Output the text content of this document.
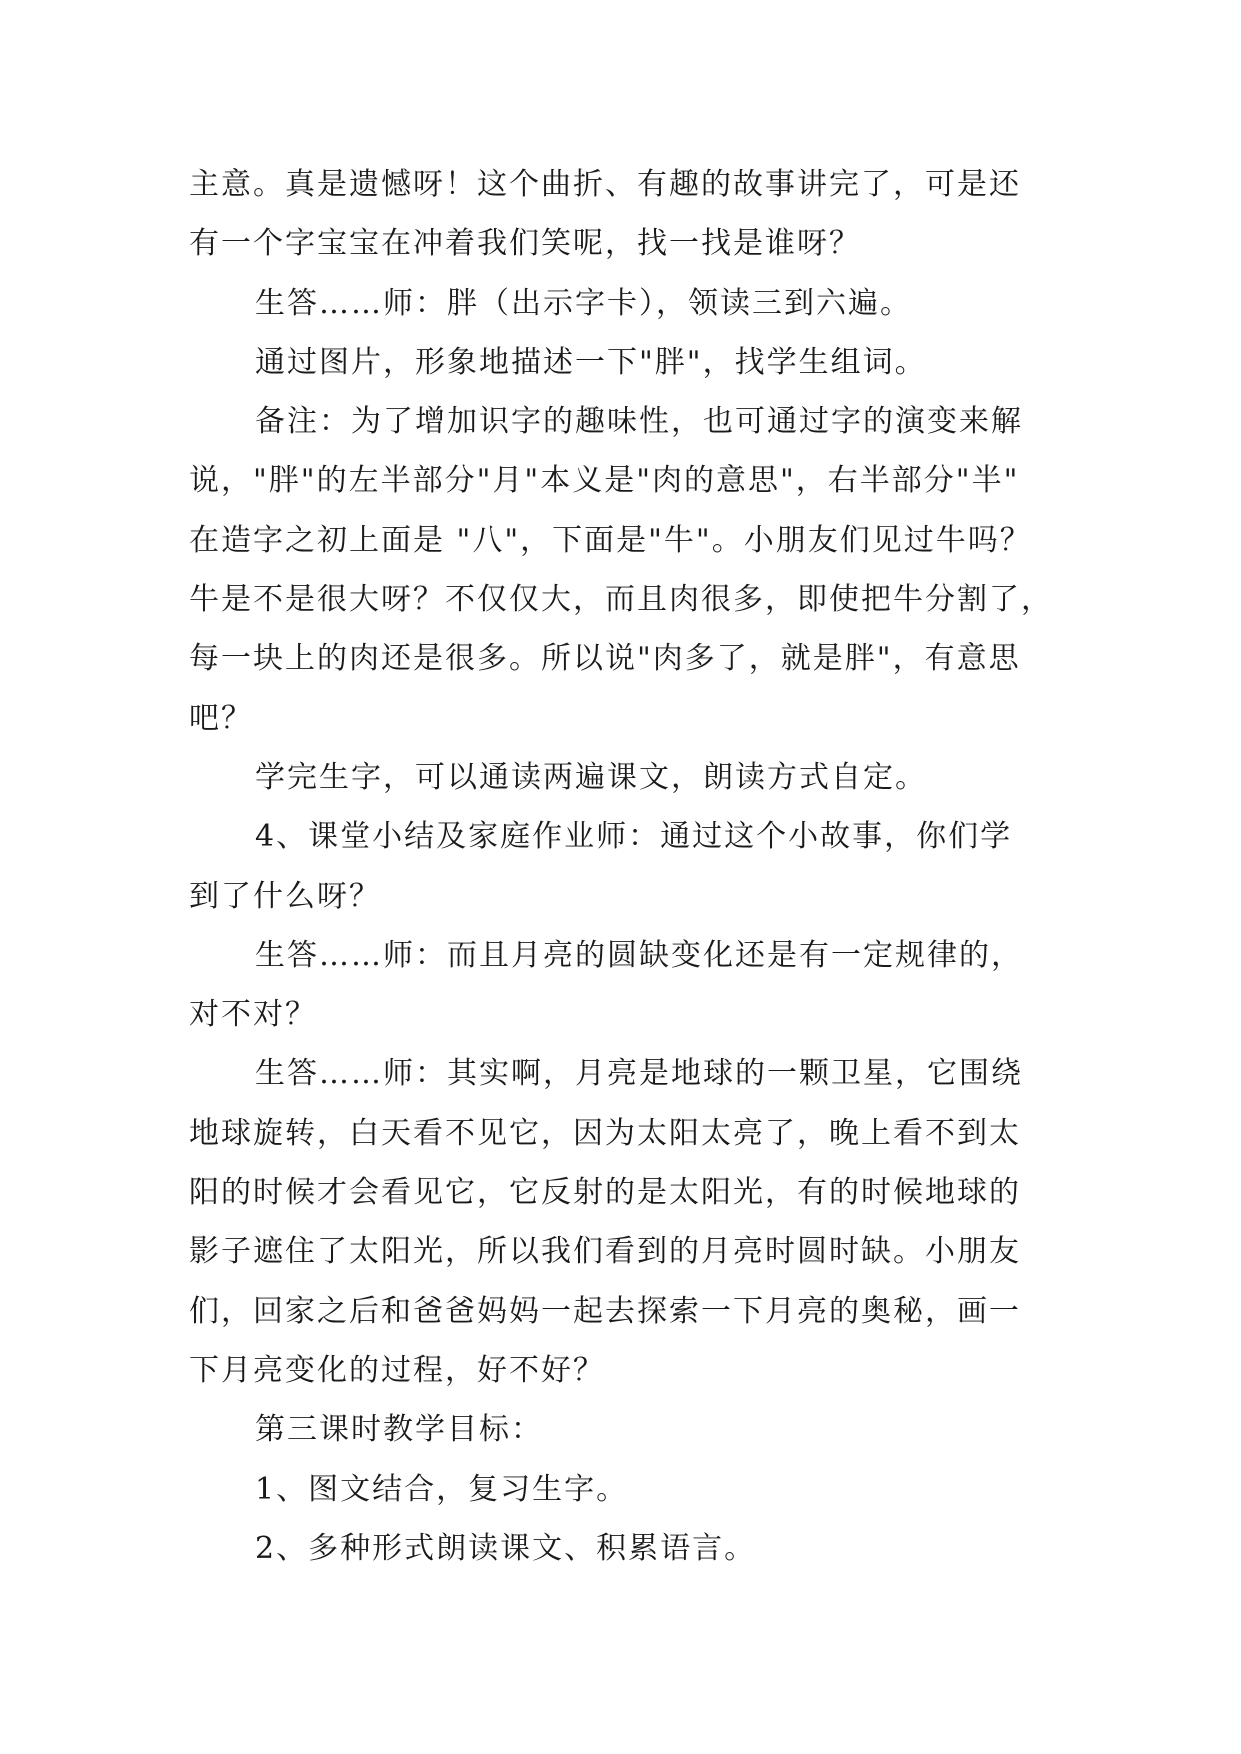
主意。真是遗憾呀！这个曲折、有趣的故事讲完了，可是还
有一个字宝宝在冲着我们笑呢，找一找是谁呀？
生答……师：胖（出示字卡），领读三到六遍。
通过图片，形象地描述一下"胖"，找学生组词。
备注：为了增加识字的趣味性，也可通过字的演变来解
说，"胖"的左半部分"月"本义是"肉的意思"，右半部分"半"
在造字之初上面是 "八"，下面是"牛"。小朋友们见过牛吗？
牛是不是很大呀？不仅仅大，而且肉很多，即使把牛分割了，
每一块上的肉还是很多。所以说"肉多了，就是胖"，有意思
吧？
学完生字，可以通读两遍课文，朗读方式自定。
4、课堂小结及家庭作业师：通过这个小故事，你们学
到了什么呀？
生答……师：而且月亮的圆缺变化还是有一定规律的，
对不对？
生答……师：其实啊，月亮是地球的一颗卫星，它围绕
地球旋转，白天看不见它，因为太阳太亮了，晚上看不到太
阳的时候才会看见它，它反射的是太阳光，有的时候地球的
影子遮住了太阳光，所以我们看到的月亮时圆时缺。小朋友
们，回家之后和爸爸妈妈一起去探索一下月亮的奥秘，画一
下月亮变化的过程，好不好？
第三课时教学目标：
1、图文结合，复习生字。
2、多种形式朗读课文、积累语言。
